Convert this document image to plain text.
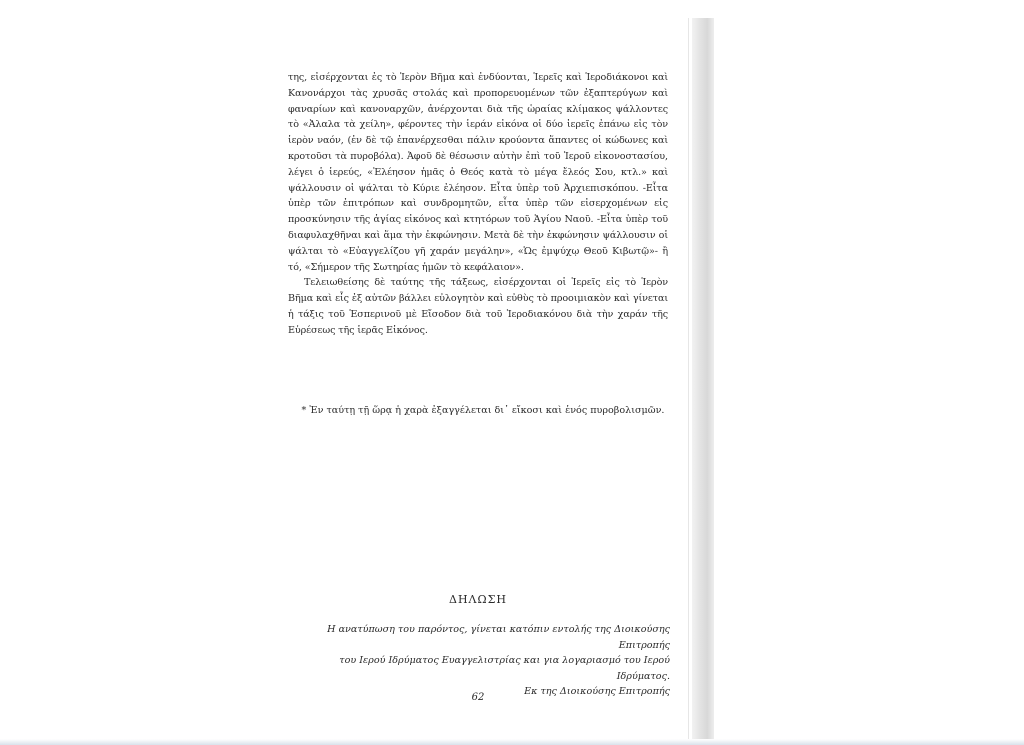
της, εἰσέρχονται ἐς τὸ Ἱερὸν Βῆμα καὶ ἐνδύονται, Ἱερεῖς καὶ Ἱεροδιάκονοι καὶ Κανονάρχοι τὰς χρυσᾶς στολάς καὶ προπορευομένων τῶν ἐξαπτερύγων καὶ φαναρίων καὶ κανοναρχῶν, ἀνέρχονται διὰ τῆς ὡραίας κλίμακος ψάλλοντες τὸ «Ἀλαλα τὰ χείλη», φέροντες τὴν ἱεράν εἰκόνα οἱ δύο ἱερεῖς ἐπάνω εἰς τὸν ἱερὸν ναόν, (ἐν δὲ τῷ ἐπανέρχεσθαι πάλιν κρούοντα ἅπαντες οἱ κώδωνες καὶ κροτοῦσι τὰ πυροβόλα). Ἀφοῦ δὲ θέσωσιν αὐτὴν ἐπὶ τοῦ Ἱεροῦ εἰκονοστασίου, λέγει ὁ ἱερεύς, «Ἐλέησον ἡμᾶς ὁ Θεός κατὰ τὸ μέγα ἔλεός Σου, κτλ.» καὶ ψάλλουσιν οἱ ψάλται τὸ Κύριε ἐλέησον. Εἶτα ὑπὲρ τοῦ Ἀρχιεπισκόπου. -Εἶτα ὑπὲρ τῶν ἐπιτρόπων καὶ συνδρομητῶν, εἶτα ὑπὲρ τῶν εἰσερχομένων εἰς προσκύνησιν τῆς ἁγίας εἰκόνος καὶ κτητόρων τοῦ Ἁγίου Ναοῦ. -Εἶτα ὑπὲρ τοῦ διαφυλαχθῆναι καὶ ἅμα τὴν ἐκφώνησιν. Μετὰ δὲ τὴν ἐκφώνησιν ψάλλουσιν οἱ ψάλται τὸ «Εὐαγγελίζου γῆ χαράν μεγάλην», «Ὡς ἐμψύχῳ Θεοῦ Κιβωτῷ»- ἢ τό, «Σήμερον τῆς Σωτηρίας ἡμῶν τὸ κεφάλαιον».

Τελειωθείσης δὲ ταύτης τῆς τάξεως, εἰσέρχονται οἱ Ἱερεῖς εἰς τὸ Ἱερὸν Βῆμα καὶ εἷς ἐξ αὐτῶν βάλλει εὐλογητὸν καὶ εὐθὺς τὸ προοιμιακὸν καὶ γίνεται ἡ τάξις τοῦ Ἑσπερινοῦ μὲ Εἴσοδον διὰ τοῦ Ἱεροδιακόνου διὰ τὴν χαράν τῆς Εὑρέσεως τῆς ἱερᾶς Εἰκόνος.

* Ἐν ταύτῃ τῇ ὥρᾳ ἡ χαρὰ ἐξαγγέλεται δι᾽ εἴκοσι καὶ ἑνός πυροβολισμῶν.
ΔΗΛΩΣΗ

Η ανατύπωση του παρόντος, γίνεται κατόπιν εντολής της Διοικούσης Επιτροπής

του Ιερού Ιδρύματος Ευαγγελιστρίας και για λογαριασμό του Ιερού Ιδρύματος.

Εκ της Διοικούσης Επιτροπής

62
